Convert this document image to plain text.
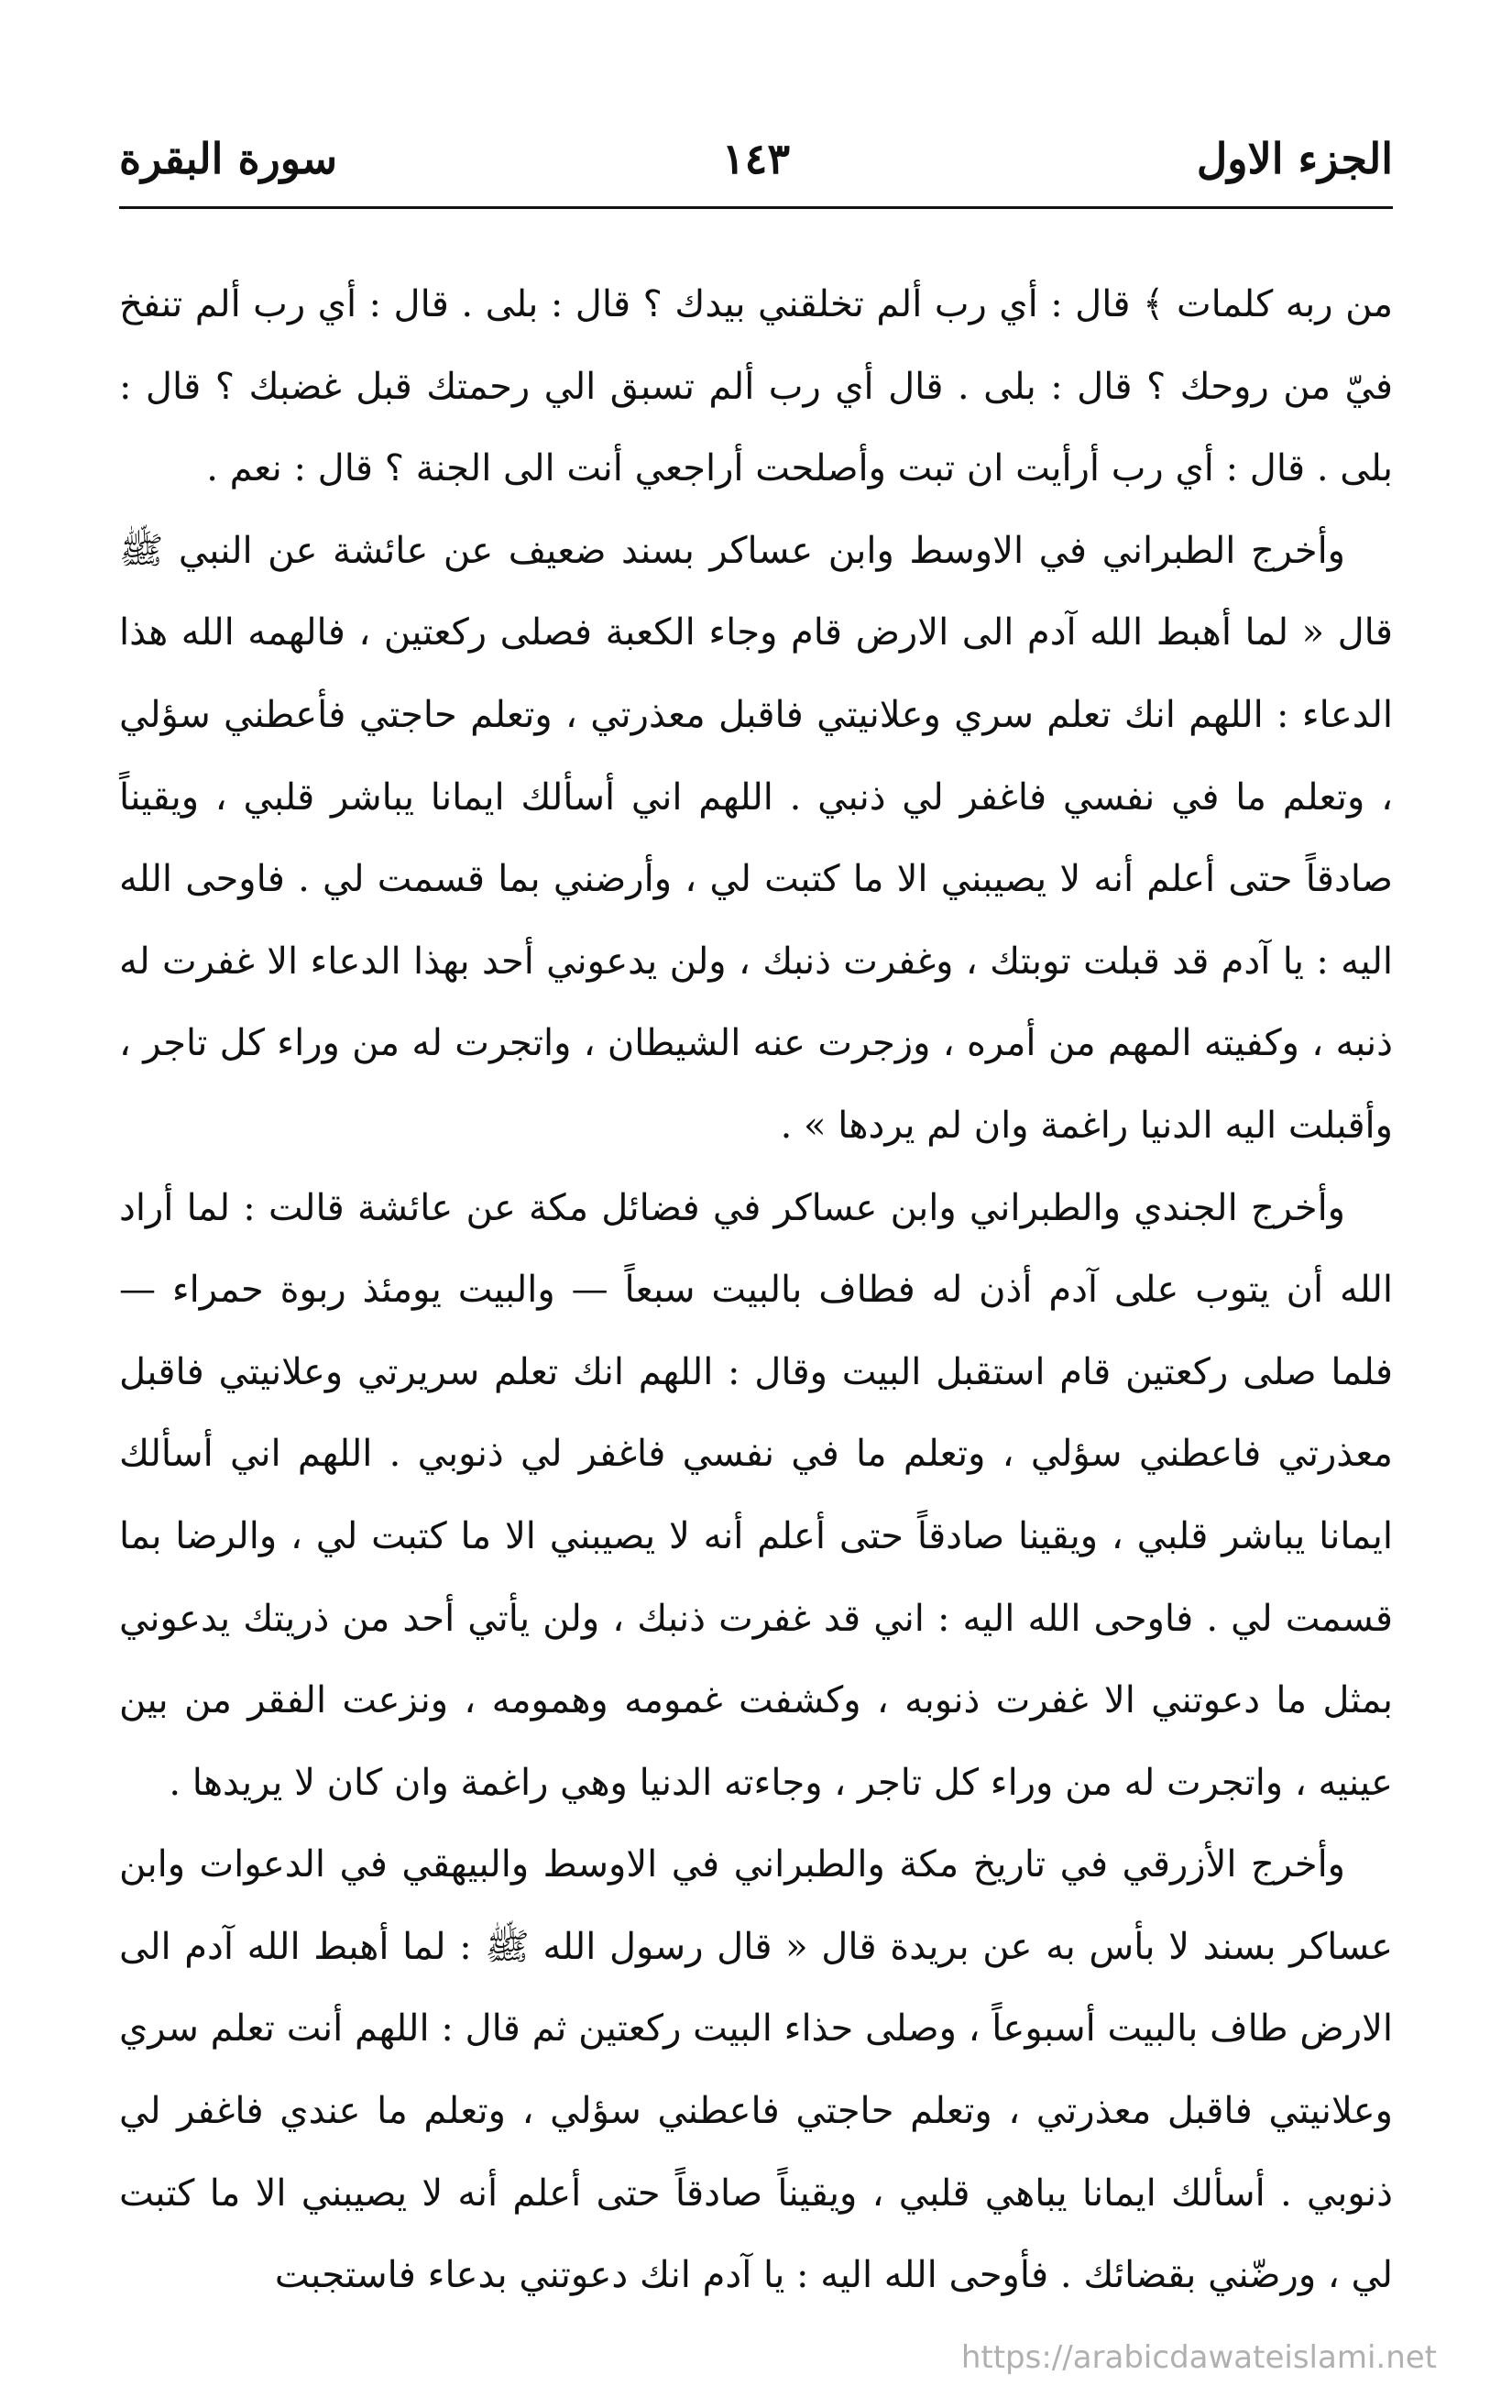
الجزء الاول
١٤٣
سورة البقرة

من ربه كلمات ﴾ قال : أي رب ألم تخلقني بيدك ؟ قال : بلى . قال : أي رب ألم تنفخ فيّ من روحك ؟ قال : بلى . قال أي رب ألم تسبق الي رحمتك قبل غضبك ؟ قال : بلى . قال : أي رب أرأيت ان تبت وأصلحت أراجعي أنت الى الجنة ؟ قال : نعم .

وأخرج الطبراني في الاوسط وابن عساكر بسند ضعيف عن عائشة عن النبي ﷺ قال « لما أهبط الله آدم الى الارض قام وجاء الكعبة فصلى ركعتين ، فالهمه الله هذا الدعاء : اللهم انك تعلم سري وعلانيتي فاقبل معذرتي ، وتعلم حاجتي فأعطني سؤلي ، وتعلم ما في نفسي فاغفر لي ذنبي . اللهم اني أسألك ايمانا يباشر قلبي ، ويقيناً صادقاً حتى أعلم أنه لا يصيبني الا ما كتبت لي ، وأرضني بما قسمت لي . فاوحى الله اليه : يا آدم قد قبلت توبتك ، وغفرت ذنبك ، ولن يدعوني أحد بهذا الدعاء الا غفرت له ذنبه ، وكفيته المهم من أمره ، وزجرت عنه الشيطان ، واتجرت له من وراء كل تاجر ، وأقبلت اليه الدنيا راغمة وان لم يردها » .

وأخرج الجندي والطبراني وابن عساكر في فضائل مكة عن عائشة قالت : لما أراد الله أن يتوب على آدم أذن له فطاف بالبيت سبعاً — والبيت يومئذ ربوة حمراء — فلما صلى ركعتين قام استقبل البيت وقال : اللهم انك تعلم سريرتي وعلانيتي فاقبل معذرتي فاعطني سؤلي ، وتعلم ما في نفسي فاغفر لي ذنوبي . اللهم اني أسألك ايمانا يباشر قلبي ، ويقينا صادقاً حتى أعلم أنه لا يصيبني الا ما كتبت لي ، والرضا بما قسمت لي . فاوحى الله اليه : اني قد غفرت ذنبك ، ولن يأتي أحد من ذريتك يدعوني بمثل ما دعوتني الا غفرت ذنوبه ، وكشفت غمومه وهمومه ، ونزعت الفقر من بين عينيه ، واتجرت له من وراء كل تاجر ، وجاءته الدنيا وهي راغمة وان كان لا يريدها .

وأخرج الأزرقي في تاريخ مكة والطبراني في الاوسط والبيهقي في الدعوات وابن عساكر بسند لا بأس به عن بريدة قال « قال رسول الله ﷺ : لما أهبط الله آدم الى الارض طاف بالبيت أسبوعاً ، وصلى حذاء البيت ركعتين ثم قال : اللهم أنت تعلم سري وعلانيتي فاقبل معذرتي ، وتعلم حاجتي فاعطني سؤلي ، وتعلم ما عندي فاغفر لي ذنوبي . أسألك ايمانا يباهي قلبي ، ويقيناً صادقاً حتى أعلم أنه لا يصيبني الا ما كتبت لي ، ورضّني بقضائك . فأوحى الله اليه : يا آدم انك دعوتني بدعاء فاستجبت

https://arabicdawateislami.net
